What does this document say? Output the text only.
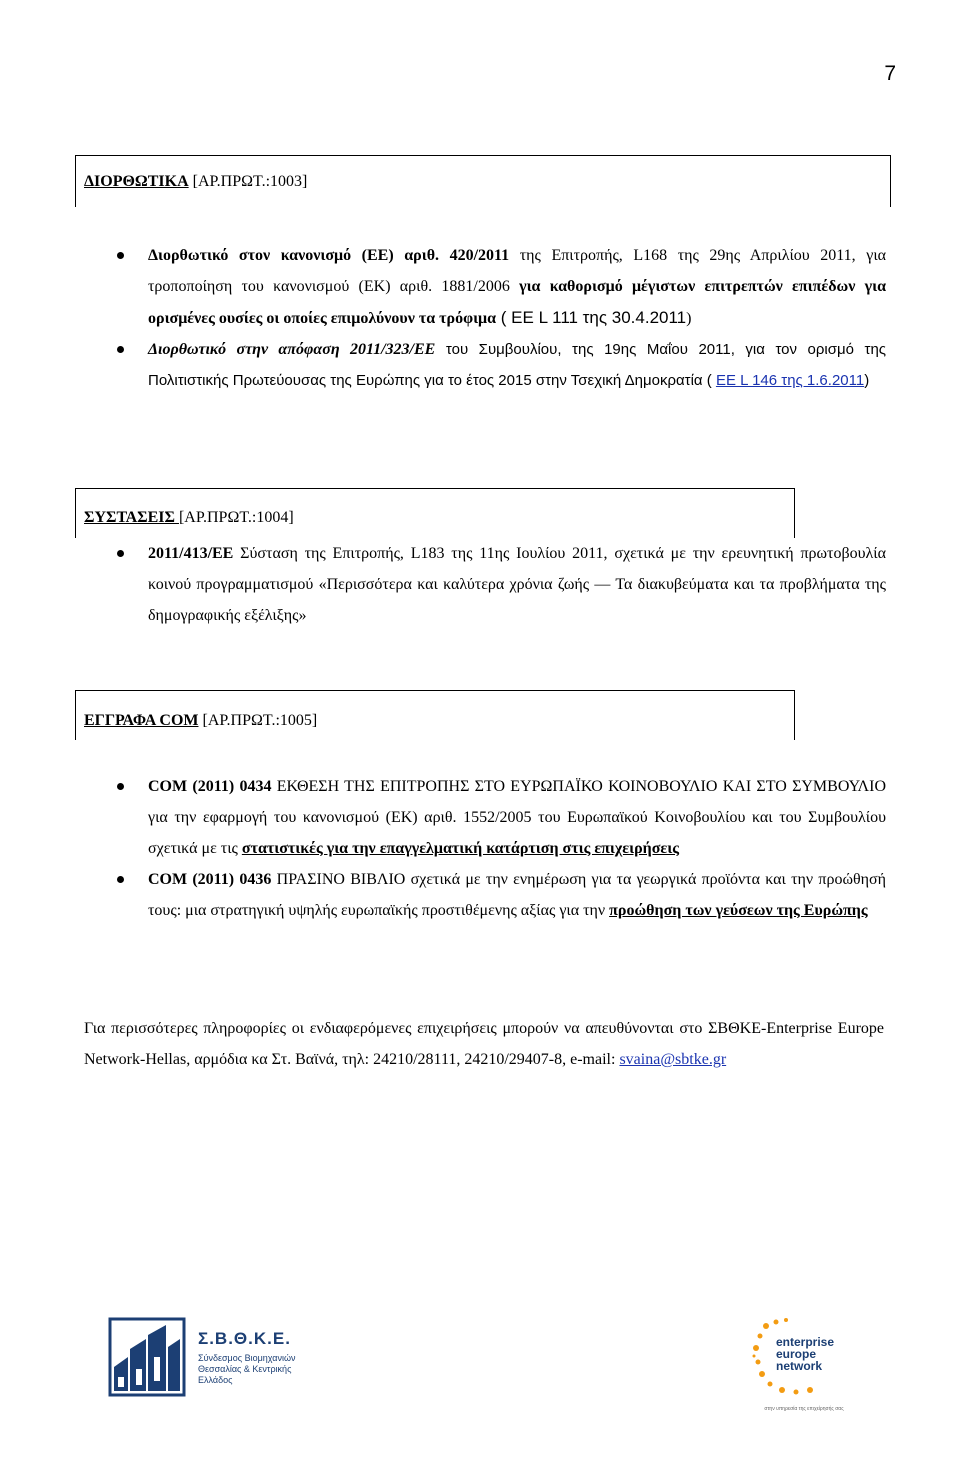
7
ΔΙΟΡΘΩΤΙΚΑ [ΑΡ.ΠΡΩΤ.:1003]
Διορθωτικό στον κανονισμό (ΕΕ) αριθ. 420/2011 της Επιτροπής, L168 της 29ης Απριλίου 2011, για τροποποίηση του κανονισμού (ΕΚ) αριθ. 1881/2006 για καθορισμό μέγιστων επιτρεπτών επιπέδων για ορισμένες ουσίες οι οποίες επιμολύνουν τα τρόφιμα ( ΕΕ L 111 της 30.4.2011)
Διορθωτικό στην απόφαση 2011/323/ΕΕ του Συμβουλίου, της 19ης Μαΐου 2011, για τον ορισμό της Πολιτιστικής Πρωτεύουσας της Ευρώπης για το έτος 2015 στην Τσεχική Δημοκρατία ( ΕΕ L 146 της 1.6.2011)
ΣΥΣΤΑΣΕΙΣ [ΑΡ.ΠΡΩΤ.:1004]
2011/413/ΕΕ Σύσταση της Επιτροπής, L183 της 11ης Ιουλίου 2011, σχετικά με την ερευνητική πρωτοβουλία κοινού προγραμματισμού «Περισσότερα και καλύτερα χρόνια ζωής — Τα διακυβεύματα και τα προβλήματα της δημογραφικής εξέλιξης»
ΕΓΓΡΑΦΑ COM [ΑΡ.ΠΡΩΤ.:1005]
COM (2011) 0434 ΕΚΘΕΣΗ ΤΗΣ ΕΠΙΤΡΟΠΗΣ ΣΤΟ ΕΥΡΩΠΑΪΚΟ ΚΟΙΝΟΒΟΥΛΙΟ ΚΑΙ ΣΤΟ ΣΥΜΒΟΥΛΙΟ για την εφαρμογή του κανονισμού (ΕΚ) αριθ. 1552/2005 του Ευρωπαϊκού Κοινοβουλίου και του Συμβουλίου σχετικά με τις στατιστικές για την επαγγελματική κατάρτιση στις επιχειρήσεις
COM (2011) 0436 ΠΡΑΣΙΝΟ ΒΙΒΛΙΟ σχετικά με την ενημέρωση για τα γεωργικά προϊόντα και την προώθησή τους: μια στρατηγική υψηλής ευρωπαϊκής προστιθέμενης αξίας για την προώθηση των γεύσεων της Ευρώπης
Για περισσότερες πληροφορίες οι ενδιαφερόμενες επιχειρήσεις μπορούν να απευθύνονται στο ΣΒΘΚΕ-Enterprise Europe Network-Hellas, αρμόδια κα Στ. Βαϊνά, τηλ: 24210/28111, 24210/29407-8, e-mail: svaina@sbtke.gr
Σ.Β.Θ.Κ.Ε.
Σύνδεσμος Βιομηχανιών Θεσσαλίας & Κεντρικής Ελλάδος
enterprise
europe
network
στην υπηρεσία της επιχείρησής σας
